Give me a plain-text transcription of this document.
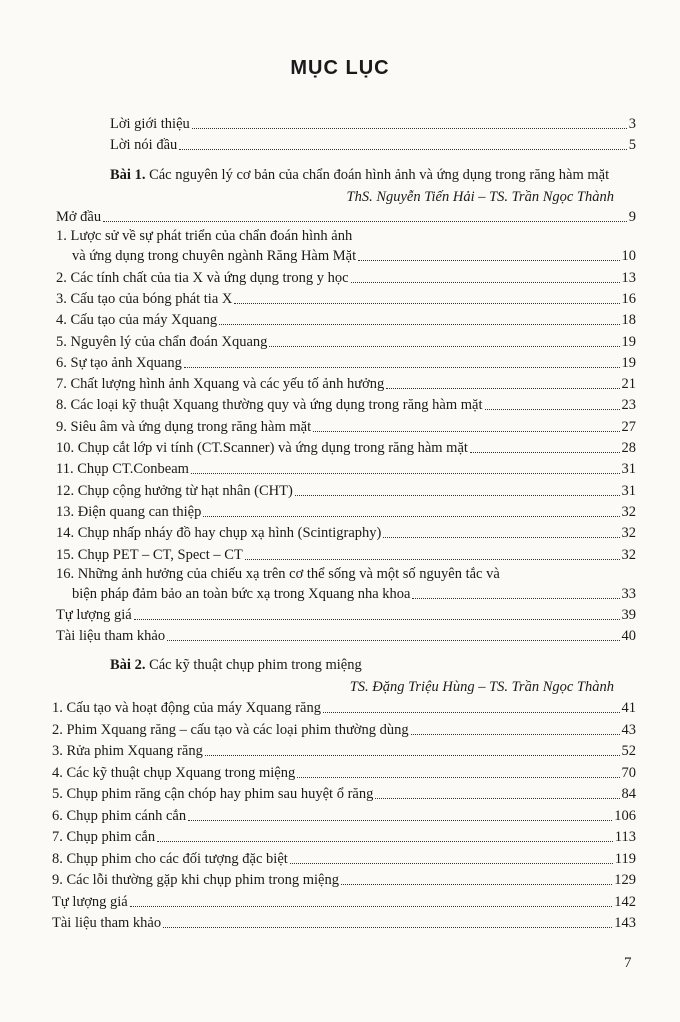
MỤC LỤC
Lời giới thiệu	3
Lời nói đầu	5
Bài 1. Các nguyên lý cơ bản của chẩn đoán hình ảnh và ứng dụng trong răng hàm mặt
ThS. Nguyễn Tiến Hải – TS. Trần Ngọc Thành
Mở đầu	9
1. Lược sử về sự phát triển của chẩn đoán hình ảnh
và ứng dụng trong chuyên ngành Răng Hàm Mặt	10
2. Các tính chất của tia X và ứng dụng trong y học	13
3. Cấu tạo của bóng phát tia X	16
4. Cấu tạo của máy Xquang	18
5. Nguyên lý của chẩn đoán Xquang	19
6. Sự tạo ảnh Xquang	19
7. Chất lượng hình ảnh Xquang và các yếu tố ảnh hưởng	21
8. Các loại kỹ thuật Xquang thường quy và ứng dụng trong răng hàm mặt	23
9. Siêu âm và ứng dụng trong răng hàm mặt	27
10. Chụp cắt lớp vi tính (CT.Scanner) và ứng dụng trong răng hàm mặt	28
11. Chụp CT.Conbeam	31
12. Chụp cộng hưởng từ hạt nhân (CHT)	31
13. Điện quang can thiệp	32
14. Chụp nhấp nháy đồ hay chụp xạ hình (Scintigraphy)	32
15. Chụp PET – CT, Spect – CT	32
16. Những ảnh hưởng của chiếu xạ trên cơ thể sống và một số nguyên tắc và
biện pháp đảm bảo an toàn bức xạ trong Xquang nha khoa	33
Tự lượng giá	39
Tài liệu tham khảo	40
Bài 2. Các kỹ thuật chụp phim trong miệng
TS. Đặng Triệu Hùng – TS. Trần Ngọc Thành
1. Cấu tạo và hoạt động của máy Xquang răng	41
2. Phim Xquang răng – cấu tạo và các loại phim thường dùng	43
3. Rửa phim Xquang răng	52
4. Các kỹ thuật chụp Xquang trong miệng	70
5. Chụp phim răng cận chóp hay phim sau huyệt ổ răng	84
6. Chụp phim cánh cắn	106
7. Chụp phim cắn	113
8. Chụp phim cho các đối tượng đặc biệt	119
9. Các lỗi thường gặp khi chụp phim trong miệng	129
Tự lượng giá	142
Tài liệu tham khảo	143
7
